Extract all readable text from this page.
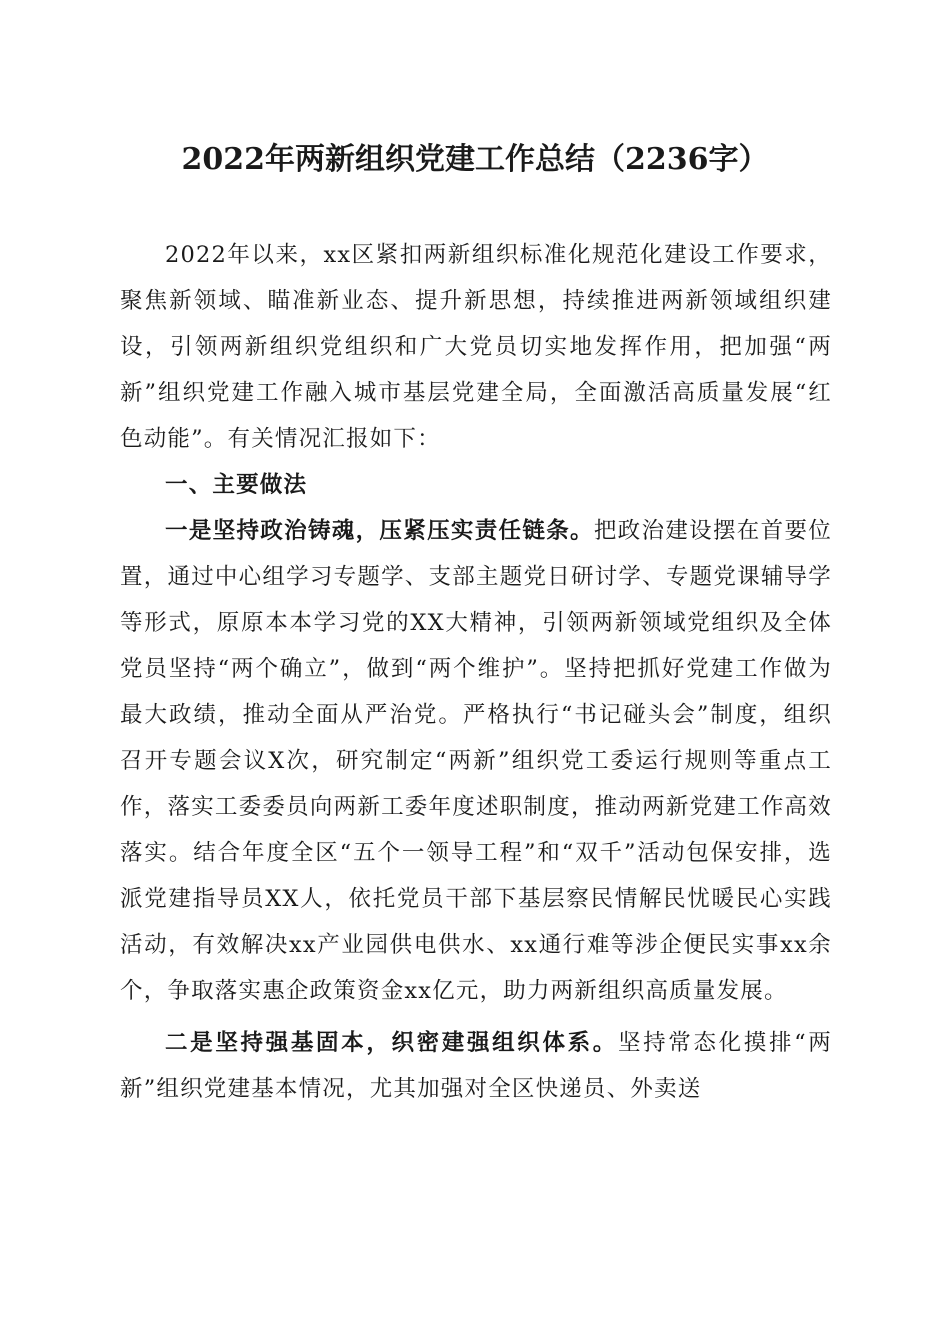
2022年两新组织党建工作总结（2236字）

2022年以来，xx区紧扣两新组织标准化规范化建设工作要求，聚焦新领域、瞄准新业态、提升新思想，持续推进两新领域组织建设，引领两新组织党组织和广大党员切实地发挥作用，把加强“两新”组织党建工作融入城市基层党建全局，全面激活高质量发展“红色动能”。有关情况汇报如下：

一、主要做法

一是坚持政治铸魂，压紧压实责任链条。把政治建设摆在首要位置，通过中心组学习专题学、支部主题党日研讨学、专题党课辅导学等形式，原原本本学习党的XX大精神，引领两新领域党组织及全体党员坚持“两个确立”，做到“两个维护”。坚持把抓好党建工作做为最大政绩，推动全面从严治党。严格执行“书记碰头会”制度，组织召开专题会议X次，研究制定“两新”组织党工委运行规则等重点工作，落实工委委员向两新工委年度述职制度，推动两新党建工作高效落实。结合年度全区“五个一领导工程”和“双千”活动包保安排，选派党建指导员XX人，依托党员干部下基层察民情解民忧暖民心实践活动，有效解决xx产业园供电供水、xx通行难等涉企便民实事xx余个，争取落实惠企政策资金xx亿元，助力两新组织高质量发展。

二是坚持强基固本，织密建强组织体系。坚持常态化摸排“两新”组织党建基本情况，尤其加强对全区快递员、外卖送
